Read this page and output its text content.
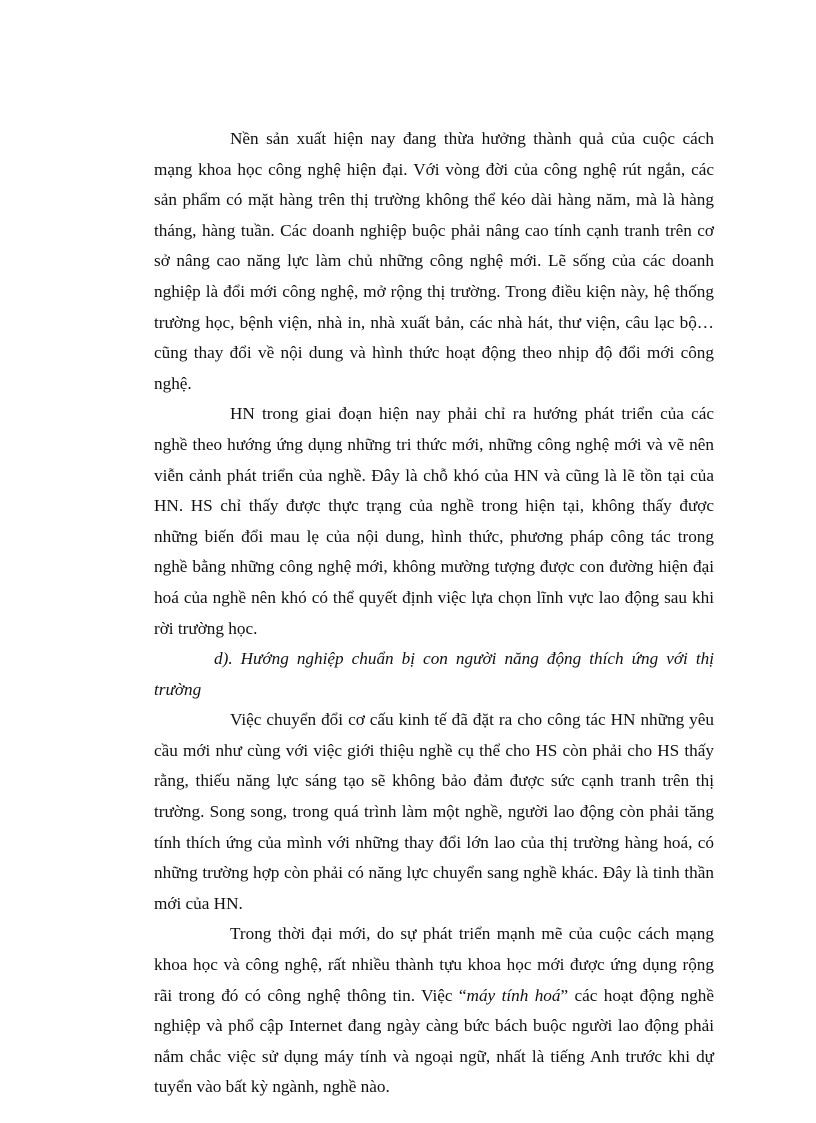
Nền sản xuất hiện nay đang thừa hưởng thành quả của cuộc cách mạng khoa học công nghệ hiện đại. Với vòng đời của công nghệ rút ngắn, các sản phẩm có mặt hàng trên thị trường không thể kéo dài hàng năm, mà là hàng tháng, hàng tuần. Các doanh nghiệp buộc phải nâng cao tính cạnh tranh trên cơ sở nâng cao năng lực làm chủ những công nghệ mới. Lẽ sống của các doanh nghiệp là đổi mới công nghệ, mở rộng thị trường. Trong điều kiện này, hệ thống trường học, bệnh viện, nhà in, nhà xuất bản, các nhà hát, thư viện, câu lạc bộ…cũng thay đổi về nội dung và hình thức hoạt động theo nhịp độ đổi mới công nghệ.

HN trong giai đoạn hiện nay phải chỉ ra hướng phát triển của các nghề theo hướng ứng dụng những tri thức mới, những công nghệ mới và vẽ nên viễn cảnh phát triển của nghề. Đây là chỗ khó của HN và cũng là lẽ tồn tại của HN. HS chỉ thấy được thực trạng của nghề trong hiện tại, không thấy được những biến đổi mau lẹ của nội dung, hình thức, phương pháp công tác trong nghề bằng những công nghệ mới, không mường tượng được con đường hiện đại hoá của nghề nên khó có thể quyết định việc lựa chọn lĩnh vực lao động sau khi rời trường học.

d). Hướng nghiệp chuẩn bị con người năng động thích ứng với thị trường

Việc chuyển đổi cơ cấu kinh tế đã đặt ra cho công tác HN những yêu cầu mới như cùng với việc giới thiệu nghề cụ thể cho HS còn phải cho HS thấy rằng, thiếu năng lực sáng tạo sẽ không bảo đảm được sức cạnh tranh trên thị trường. Song song, trong quá trình làm một nghề, người lao động còn phải tăng tính thích ứng của mình với những thay đổi lớn lao của thị trường hàng hoá, có những trường hợp còn phải có năng lực chuyển sang nghề khác. Đây là tinh thần mới của HN.

Trong thời đại mới, do sự phát triển mạnh mẽ của cuộc cách mạng khoa học và công nghệ, rất nhiều thành tựu khoa học mới được ứng dụng rộng rãi trong đó có công nghệ thông tin. Việc “máy tính hoá” các hoạt động nghề nghiệp và phổ cập Internet đang ngày càng bức bách buộc người lao động phải nắm chắc việc sử dụng máy tính và ngoại ngữ, nhất là tiếng Anh trước khi dự tuyển vào bất kỳ ngành, nghề nào.
